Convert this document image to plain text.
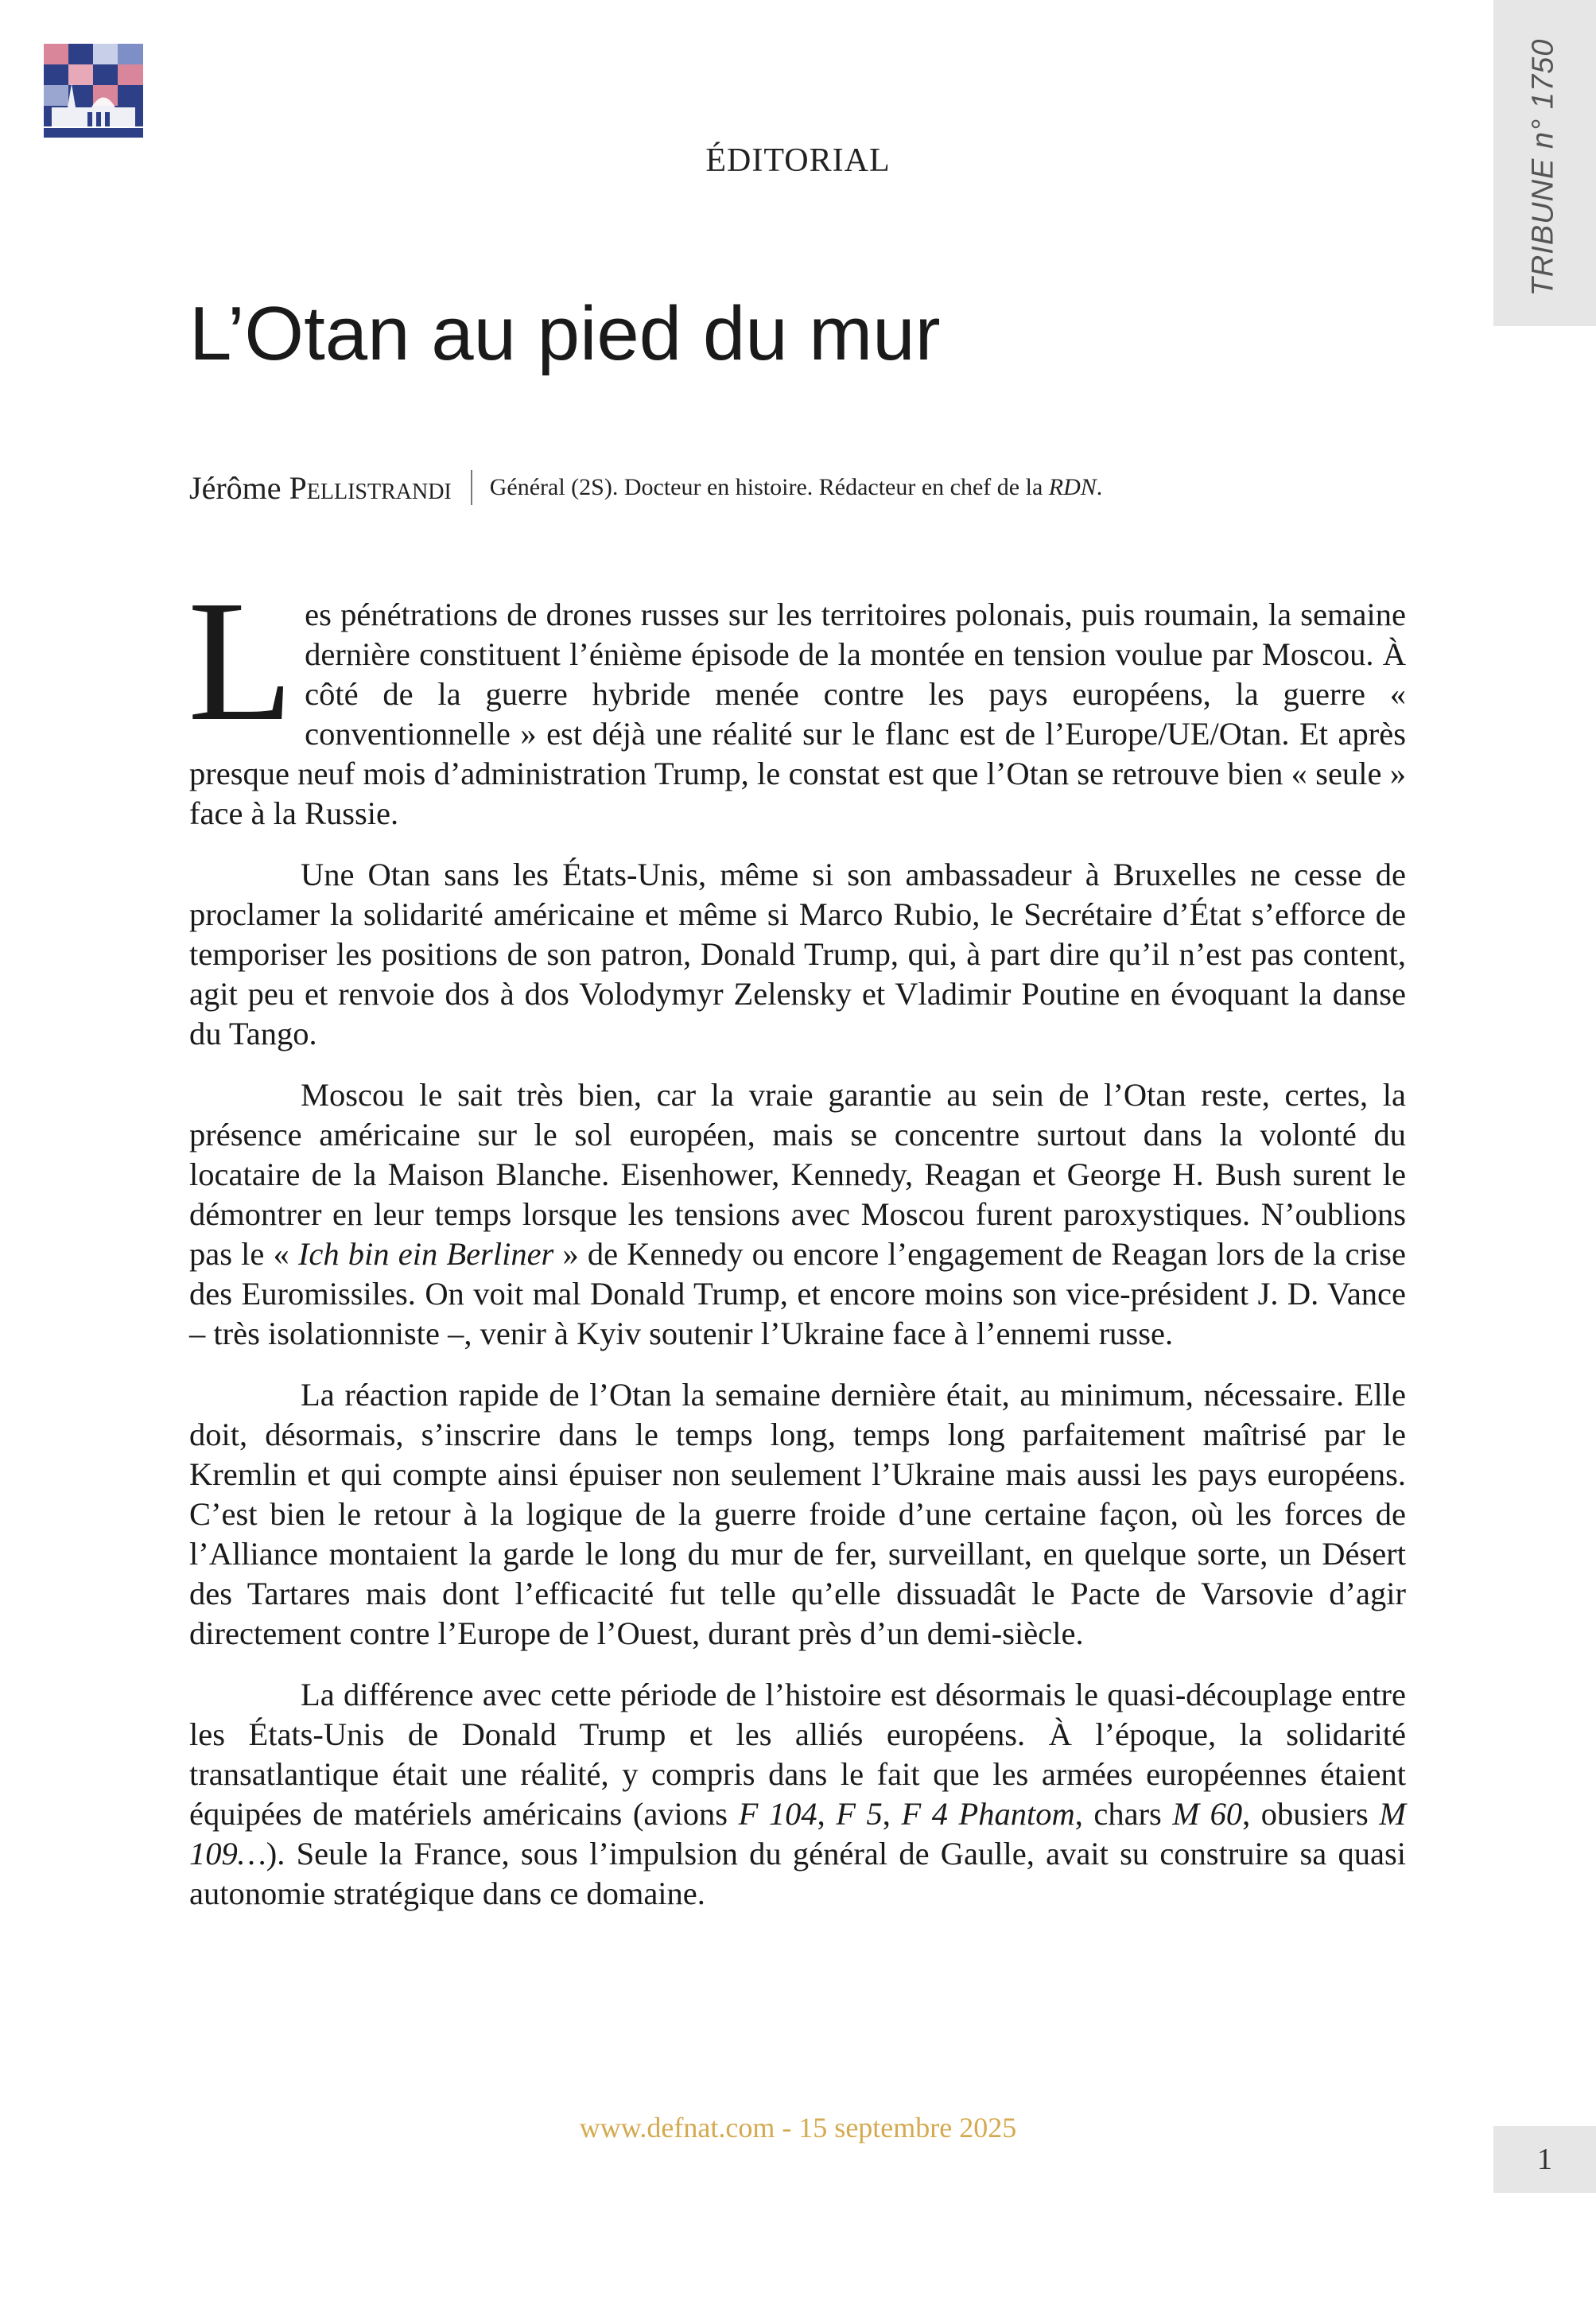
TRIBUNE n° 1750
ÉDITORIAL
L’Otan au pied du mur
Jérôme Pellistrandi Général (2S). Docteur en histoire. Rédacteur en chef de la RDN.

Les pénétrations de drones russes sur les territoires polonais, puis roumain, la semaine dernière constituent l’énième épisode de la montée en tension voulue par Moscou. À côté de la guerre hybride menée contre les pays européens, la guerre « conventionnelle » est déjà une réalité sur le flanc est de l’Europe/UE/Otan. Et après presque neuf mois d’administration Trump, le constat est que l’Otan se retrouve bien « seule » face à la Russie.

Une Otan sans les États-Unis, même si son ambassadeur à Bruxelles ne cesse de proclamer la solidarité américaine et même si Marco Rubio, le Secrétaire d’État s’efforce de temporiser les positions de son patron, Donald Trump, qui, à part dire qu’il n’est pas content, agit peu et renvoie dos à dos Volodymyr Zelensky et Vladimir Poutine en évoquant la danse du Tango.

Moscou le sait très bien, car la vraie garantie au sein de l’Otan reste, certes, la présence américaine sur le sol européen, mais se concentre surtout dans la volonté du locataire de la Maison Blanche. Eisenhower, Kennedy, Reagan et George H. Bush surent le démontrer en leur temps lorsque les tensions avec Moscou furent paroxystiques. N’oublions pas le « Ich bin ein Berliner » de Kennedy ou encore l’engagement de Reagan lors de la crise des Euromissiles. On voit mal Donald Trump, et encore moins son vice-président J. D. Vance – très isolationniste –, venir à Kyiv soutenir l’Ukraine face à l’ennemi russe.

La réaction rapide de l’Otan la semaine dernière était, au minimum, nécessaire. Elle doit, désormais, s’inscrire dans le temps long, temps long parfaitement maîtrisé par le Kremlin et qui compte ainsi épuiser non seulement l’Ukraine mais aussi les pays européens. C’est bien le retour à la logique de la guerre froide d’une certaine façon, où les forces de l’Alliance montaient la garde le long du mur de fer, surveillant, en quelque sorte, un Désert des Tartares mais dont l’efficacité fut telle qu’elle dissuadât le Pacte de Varsovie d’agir directement contre l’Europe de l’Ouest, durant près d’un demi-siècle.

La différence avec cette période de l’histoire est désormais le quasi-découplage entre les États-Unis de Donald Trump et les alliés européens. À l’époque, la solidarité transatlantique était une réalité, y compris dans le fait que les armées européennes étaient équipées de matériels américains (avions F 104, F 5, F 4 Phantom, chars M 60, obusiers M 109…). Seule la France, sous l’impulsion du général de Gaulle, avait su construire sa quasi autonomie stratégique dans ce domaine.

www.defnat.com - 15 septembre 2025
1
